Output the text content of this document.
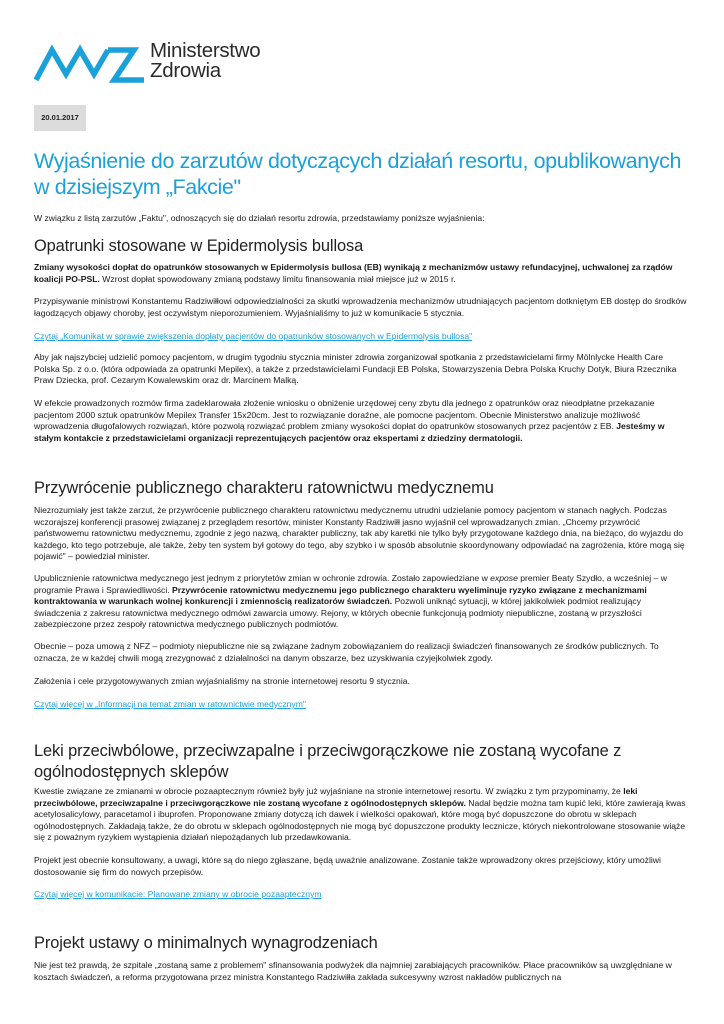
Ministerstwo
Zdrowia
20.01.2017
Wyjaśnienie do zarzutów dotyczących działań resortu, opublikowanych w dzisiejszym „Fakcie"

W związku z listą zarzutów „Faktu", odnoszących się do działań resortu zdrowia, przedstawiamy poniższe wyjaśnienia:

Opatrunki stosowane w Epidermolysis bullosa

Zmiany wysokości dopłat do opatrunków stosowanych w Epidermolysis bullosa (EB) wynikają z mechanizmów ustawy refundacyjnej, uchwalonej za rządów koalicji PO-PSL. Wzrost dopłat spowodowany zmianą podstawy limitu finansowania miał miejsce już w 2015 r.

Przypisywanie ministrowi Konstantemu Radziwiłłowi odpowiedzialności za skutki wprowadzenia mechanizmów utrudniających pacjentom dotkniętym EB dostęp do środków łagodzących objawy choroby, jest oczywistym nieporozumieniem. Wyjaśnialiśmy to już w komunikacie 5 stycznia.

Czytaj „Komunikat w sprawie zwiększenia dopłaty pacjentów do opatrunków stosowanych w Epidermolysis bullosa"

Aby jak najszybciej udzielić pomocy pacjentom, w drugim tygodniu stycznia minister zdrowia zorganizował spotkania z przedstawicielami firmy Mölnlycke Health Care Polska Sp. z o.o. (która odpowiada za opatrunki Mepilex), a także z przedstawicielami Fundacji EB Polska, Stowarzyszenia Debra Polska Kruchy Dotyk, Biura Rzecznika Praw Dziecka, prof. Cezarym Kowalewskim oraz dr. Marcinem Malką.

W efekcie prowadzonych rozmów firma zadeklarowała złożenie wniosku o obniżenie urzędowej ceny zbytu dla jednego z opatrunków oraz nieodpłatne przekazanie pacjentom 2000 sztuk opatrunków Mepilex Transfer 15x20cm. Jest to rozwiązanie doraźne, ale pomocne pacjentom. Obecnie Ministerstwo analizuje możliwość wprowadzenia długofalowych rozwiązań, które pozwolą rozwiązać problem zmiany wysokości dopłat do opatrunków stosowanych przez pacjentów z EB. Jesteśmy w stałym kontakcie z przedstawicielami organizacji reprezentujących pacjentów oraz ekspertami z dziedziny dermatologii.

Przywrócenie publicznego charakteru ratownictwu medycznemu

Niezrozumiały jest także zarzut, że przywrócenie publicznego charakteru ratownictwu medycznemu utrudni udzielanie pomocy pacjentom w stanach nagłych. Podczas wczorajszej konferencji prasowej związanej z przeglądem resortów, minister Konstanty Radziwiłł jasno wyjaśnił cel wprowadzanych zmian. „Chcemy przywrócić państwowemu ratownictwu medycznemu, zgodnie z jego nazwą, charakter publiczny, tak aby karetki nie tylko były przygotowane każdego dnia, na bieżąco, do wyjazdu do każdego, kto tego potrzebuje, ale także, żeby ten system był gotowy do tego, aby szybko i w sposób absolutnie skoordynowany odpowiadać na zagrożenia, które mogą się pojawić" – powiedział minister.

Upublicznienie ratownictwa medycznego jest jednym z priorytetów zmian w ochronie zdrowia. Zostało zapowiedziane w expose premier Beaty Szydło, a wcześniej – w programie Prawa i Sprawiedliwości. Przywrócenie ratownictwu medycznemu jego publicznego charakteru wyeliminuje ryzyko związane z mechanizmami kontraktowania w warunkach wolnej konkurencji i zmiennością realizatorów świadczeń. Pozwoli uniknąć sytuacji, w której jakikolwiek podmiot realizujący świadczenia z zakresu ratownictwa medycznego odmówi zawarcia umowy. Rejony, w których obecnie funkcjonują podmioty niepubliczne, zostaną w przyszłości zabezpieczone przez zespoły ratownictwa medycznego publicznych podmiotów.

Obecnie – poza umową z NFZ – podmioty niepubliczne nie są związane żadnym zobowiązaniem do realizacji świadczeń finansowanych ze środków publicznych. To oznacza, że w każdej chwili mogą zrezygnować z działalności na danym obszarze, bez uzyskiwania czyjejkolwiek zgody.

Założenia i cele przygotowywanych zmian wyjaśnialiśmy na stronie internetowej resortu 9 stycznia.

Czytaj więcej w „Informacji na temat zmian w ratownictwie medycznym"

Leki przeciwbólowe, przeciwzapalne i przeciwgorączkowe nie zostaną wycofane z ogólnodostępnych sklepów

Kwestie związane ze zmianami w obrocie pozaaptecznym również były już wyjaśniane na stronie internetowej resortu. W związku z tym przypominamy, że leki przeciwbólowe, przeciwzapalne i przeciwgorączkowe nie zostaną wycofane z ogólnodostępnych sklepów. Nadal będzie można tam kupić leki, które zawierają kwas acetylosalicylowy, paracetamol i ibuprofen. Proponowane zmiany dotyczą ich dawek i wielkości opakowań, które mogą być dopuszczone do obrotu w sklepach ogólnodostępnych. Zakładają także, że do obrotu w sklepach ogólnodostępnych nie mogą być dopuszczone produkty lecznicze, których niekontrolowane stosowanie wiąże się z poważnym ryzykiem wystąpienia działań niepożądanych lub przedawkowania.

Projekt jest obecnie konsultowany, a uwagi, które są do niego zgłaszane, będą uważnie analizowane. Zostanie także wprowadzony okres przejściowy, który umożliwi dostosowanie się firm do nowych przepisów.

Czytaj więcej w komunikacie: Planowane zmiany w obrocie pozaaptecznym

Projekt ustawy o minimalnych wynagrodzeniach

Nie jest też prawdą, że szpitale „zostaną same z problemem" sfinansowania podwyżek dla najmniej zarabiających pracowników. Płace pracowników są uwzględniane w kosztach świadczeń, a reforma przygotowana przez ministra Konstantego Radziwiłła zakłada sukcesywny wzrost nakładów publicznych na
